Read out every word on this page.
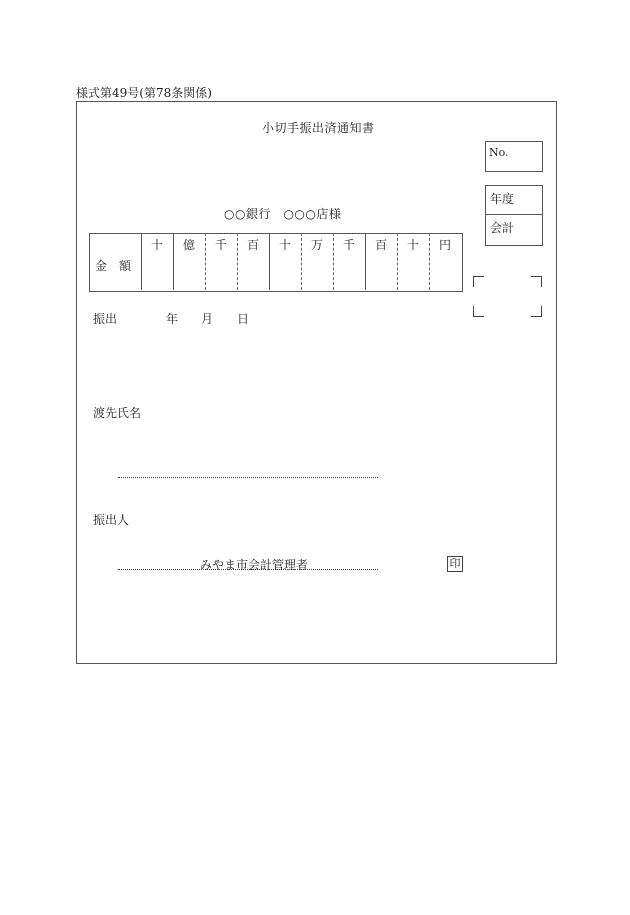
様式第49号(第78条関係)
小切手振出済通知書
No.
年度
会計
○○銀行　○○○店様
金　額
十	億	千	百	十	万	千	百	十	円
振出	年 月 日
渡先氏名
振出人
みやま市会計管理者	印
